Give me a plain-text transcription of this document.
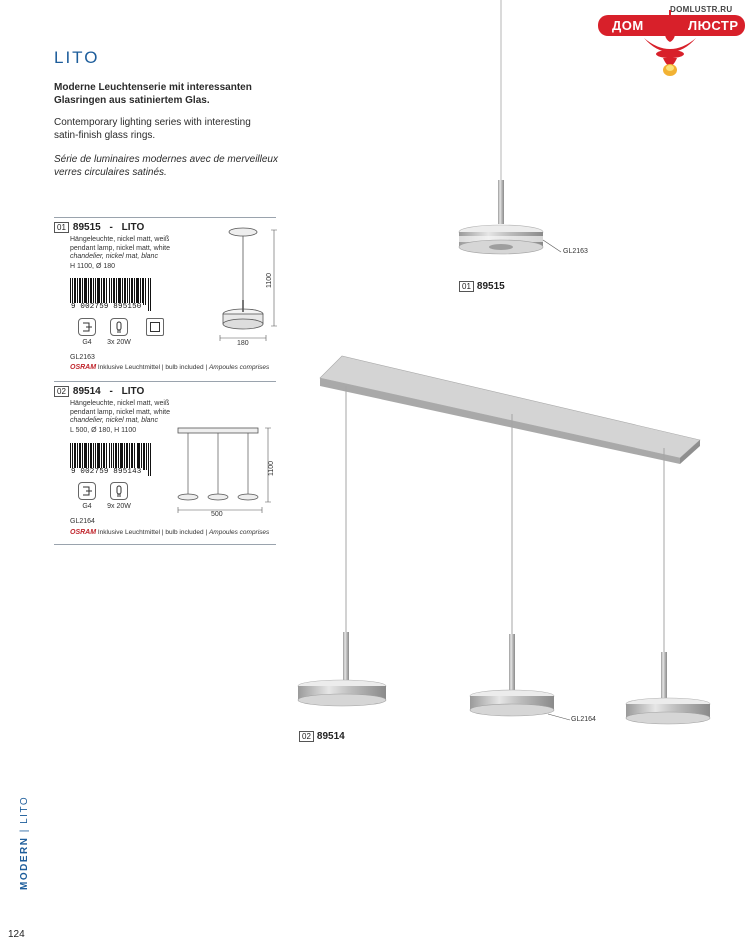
DOMLUSTR.RU
ДОМ	ЛЮСТР
LITO

Moderne Leuchtenserie mit interessanten Glasringen aus satiniertem Glas.

Contemporary lighting series with interesting satin-finish glass rings.

Série de luminaires modernes avec de merveilleux verres circulaires satinés.

01 89515 - LITO
Hängeleuchte, nickel matt, weiß
pendant lamp, nickel matt, white
chandelier, nickel mat, blanc
H 1100, Ø 180
9 002759 895150
G4	3x 20W
1100
180
GL2163
OSRAM Inklusive Leuchtmittel | bulb included | Ampoules comprises
02 89514 - LITO
Hängeleuchte, nickel matt, weiß
pendant lamp, nickel matt, white
chandelier, nickel mat, blanc
L 500, Ø 180, H 1100
9 002759 895143
G4	9x 20W
1100
500
GL2164
OSRAM Inklusive Leuchtmittel | bulb included | Ampoules comprises
GL2163
01 89515
GL2164
02 89514
MODERN | LITO
124
